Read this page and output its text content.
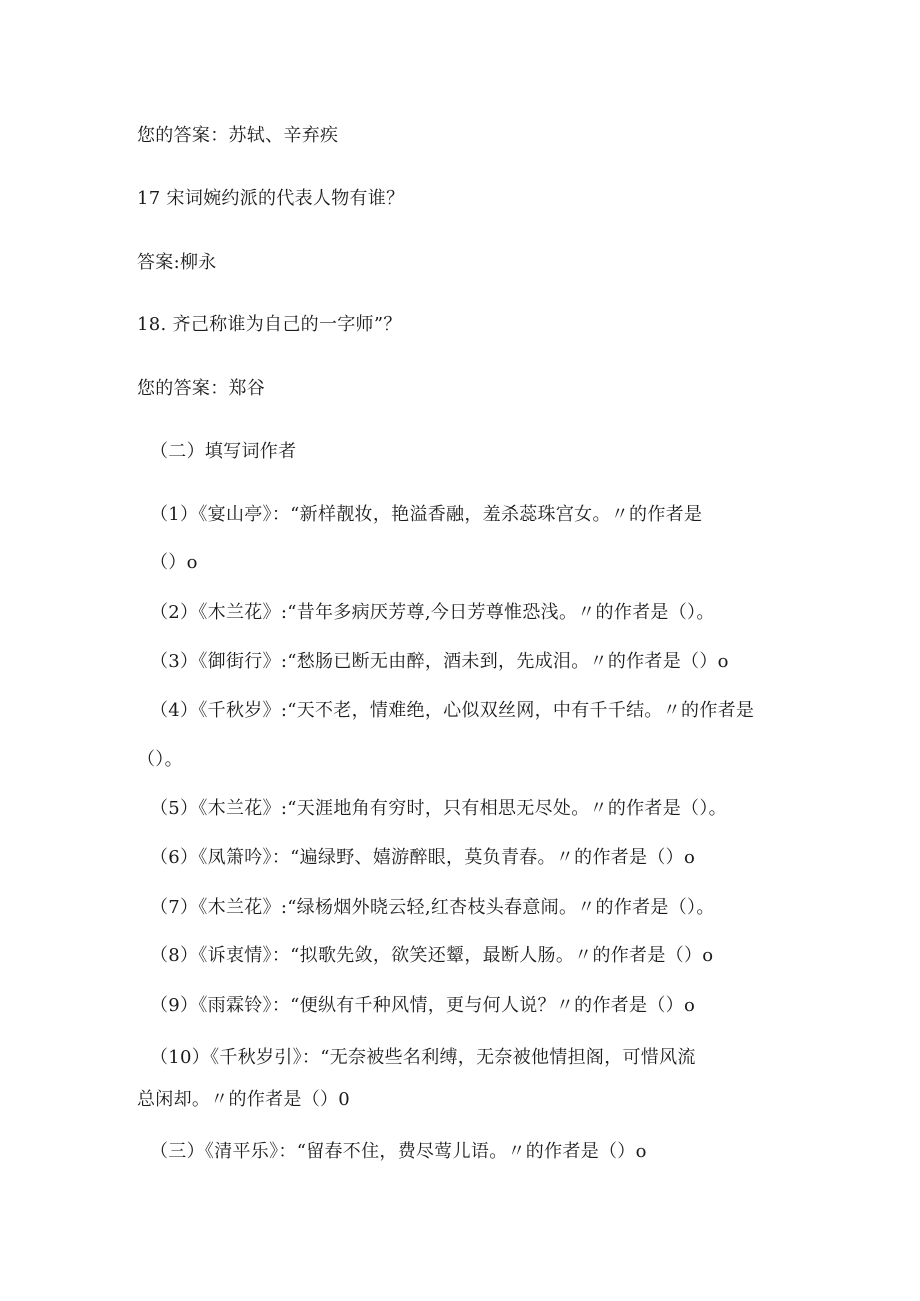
您的答案：苏轼、辛弃疾
17 宋词婉约派的代表人物有谁？
答案:柳永
18. 齐己称谁为自己的一字师”？
您的答案：郑谷
（二）填写词作者
（1）《宴山亭》：“新样靓妆，艳溢香融，羞杀蕊珠宫女。〃的作者是
（）o
（2）《木兰花》:“昔年多病厌芳尊,今日芳尊惟恐浅。〃的作者是（）。
（3）《御街行》:“愁肠已断无由醉，酒未到，先成泪。〃的作者是（）o
（4）《千秋岁》:“天不老，情难绝，心似双丝网，中有千千结。〃的作者是
（）。
（5）《木兰花》:“天涯地角有穷时，只有相思无尽处。〃的作者是（）。
（6）《凤箫吟》：“遍绿野、嬉游醉眼，莫负青春。〃的作者是（）o
（7）《木兰花》:“绿杨烟外晓云轻,红杏枝头春意闹。〃的作者是（）。
（8）《诉衷情》：“拟歌先敛，欲笑还颦，最断人肠。〃的作者是（）o
（9）《雨霖铃》：“便纵有千种风情，更与何人说？〃的作者是（）o
（10）《千秋岁引》：“无奈被些名利缚，无奈被他情担阁，可惜风流
总闲却。〃的作者是（）0
（三）《清平乐》：“留春不住，费尽莺儿语。〃的作者是（）o
